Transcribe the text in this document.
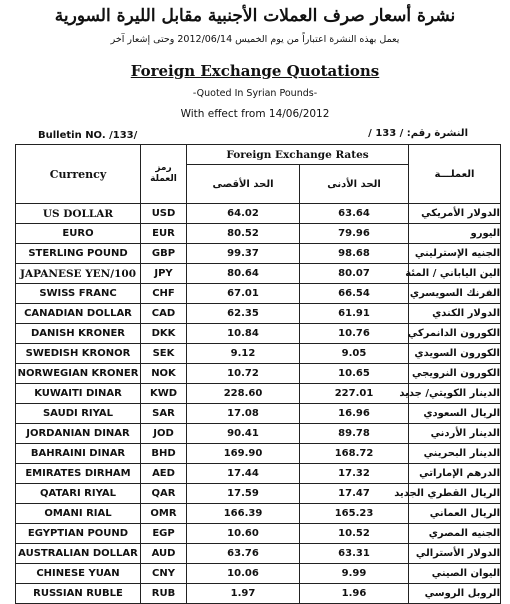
نشرة أسعار صرف العملات الأجنبية مقابل الليرة السورية
يعمل بهذه النشرة اعتباراً من يوم الخميس 2012/06/14 وحتى إشعار آخر
Foreign Exchange Quotations
-Quoted In Syrian Pounds-
With effect from 14/06/2012
Bulletin NO. /133/	النشرة رقم: / 133 /
Currency	رمز العملة	Foreign Exchange Rates		العملـــة
		الحد الأقصى	الحد الأدنى	
US DOLLAR	USD	64.02	63.64	الدولار الأمريكي
EURO	EUR	80.52	79.96	اليورو
STERLING POUND	GBP	99.37	98.68	الجنيه الإسترليني
JAPANESE YEN/100	JPY	80.64	80.07	الين الياباني / المئة
SWISS FRANC	CHF	67.01	66.54	الفرنك السويسري
CANADIAN DOLLAR	CAD	62.35	61.91	الدولار الكندي
DANISH KRONER	DKK	10.84	10.76	الكورون الدانمركي
SWEDISH KRONOR	SEK	9.12	9.05	الكورون السويدي
NORWEGIAN KRONER	NOK	10.72	10.65	الكورون النرويجي
KUWAITI DINAR	KWD	228.60	227.01	الدينار الكويتي/ جديد
SAUDI RIYAL	SAR	17.08	16.96	الريال السعودي
JORDANIAN DINAR	JOD	90.41	89.78	الدينار الأردني
BAHRAINI DINAR	BHD	169.90	168.72	الدينار البحريني
EMIRATES DIRHAM	AED	17.44	17.32	الدرهم الإماراتي
QATARI RIYAL	QAR	17.59	17.47	الريال القطري الجديد
OMANI RIAL	OMR	166.39	165.23	الريال العماني
EGYPTIAN POUND	EGP	10.60	10.52	الجنيه المصري
AUSTRALIAN DOLLAR	AUD	63.76	63.31	الدولار الأسترالي
CHINESE YUAN	CNY	10.06	9.99	اليوان الصيني
RUSSIAN RUBLE	RUB	1.97	1.96	الروبل الروسي
